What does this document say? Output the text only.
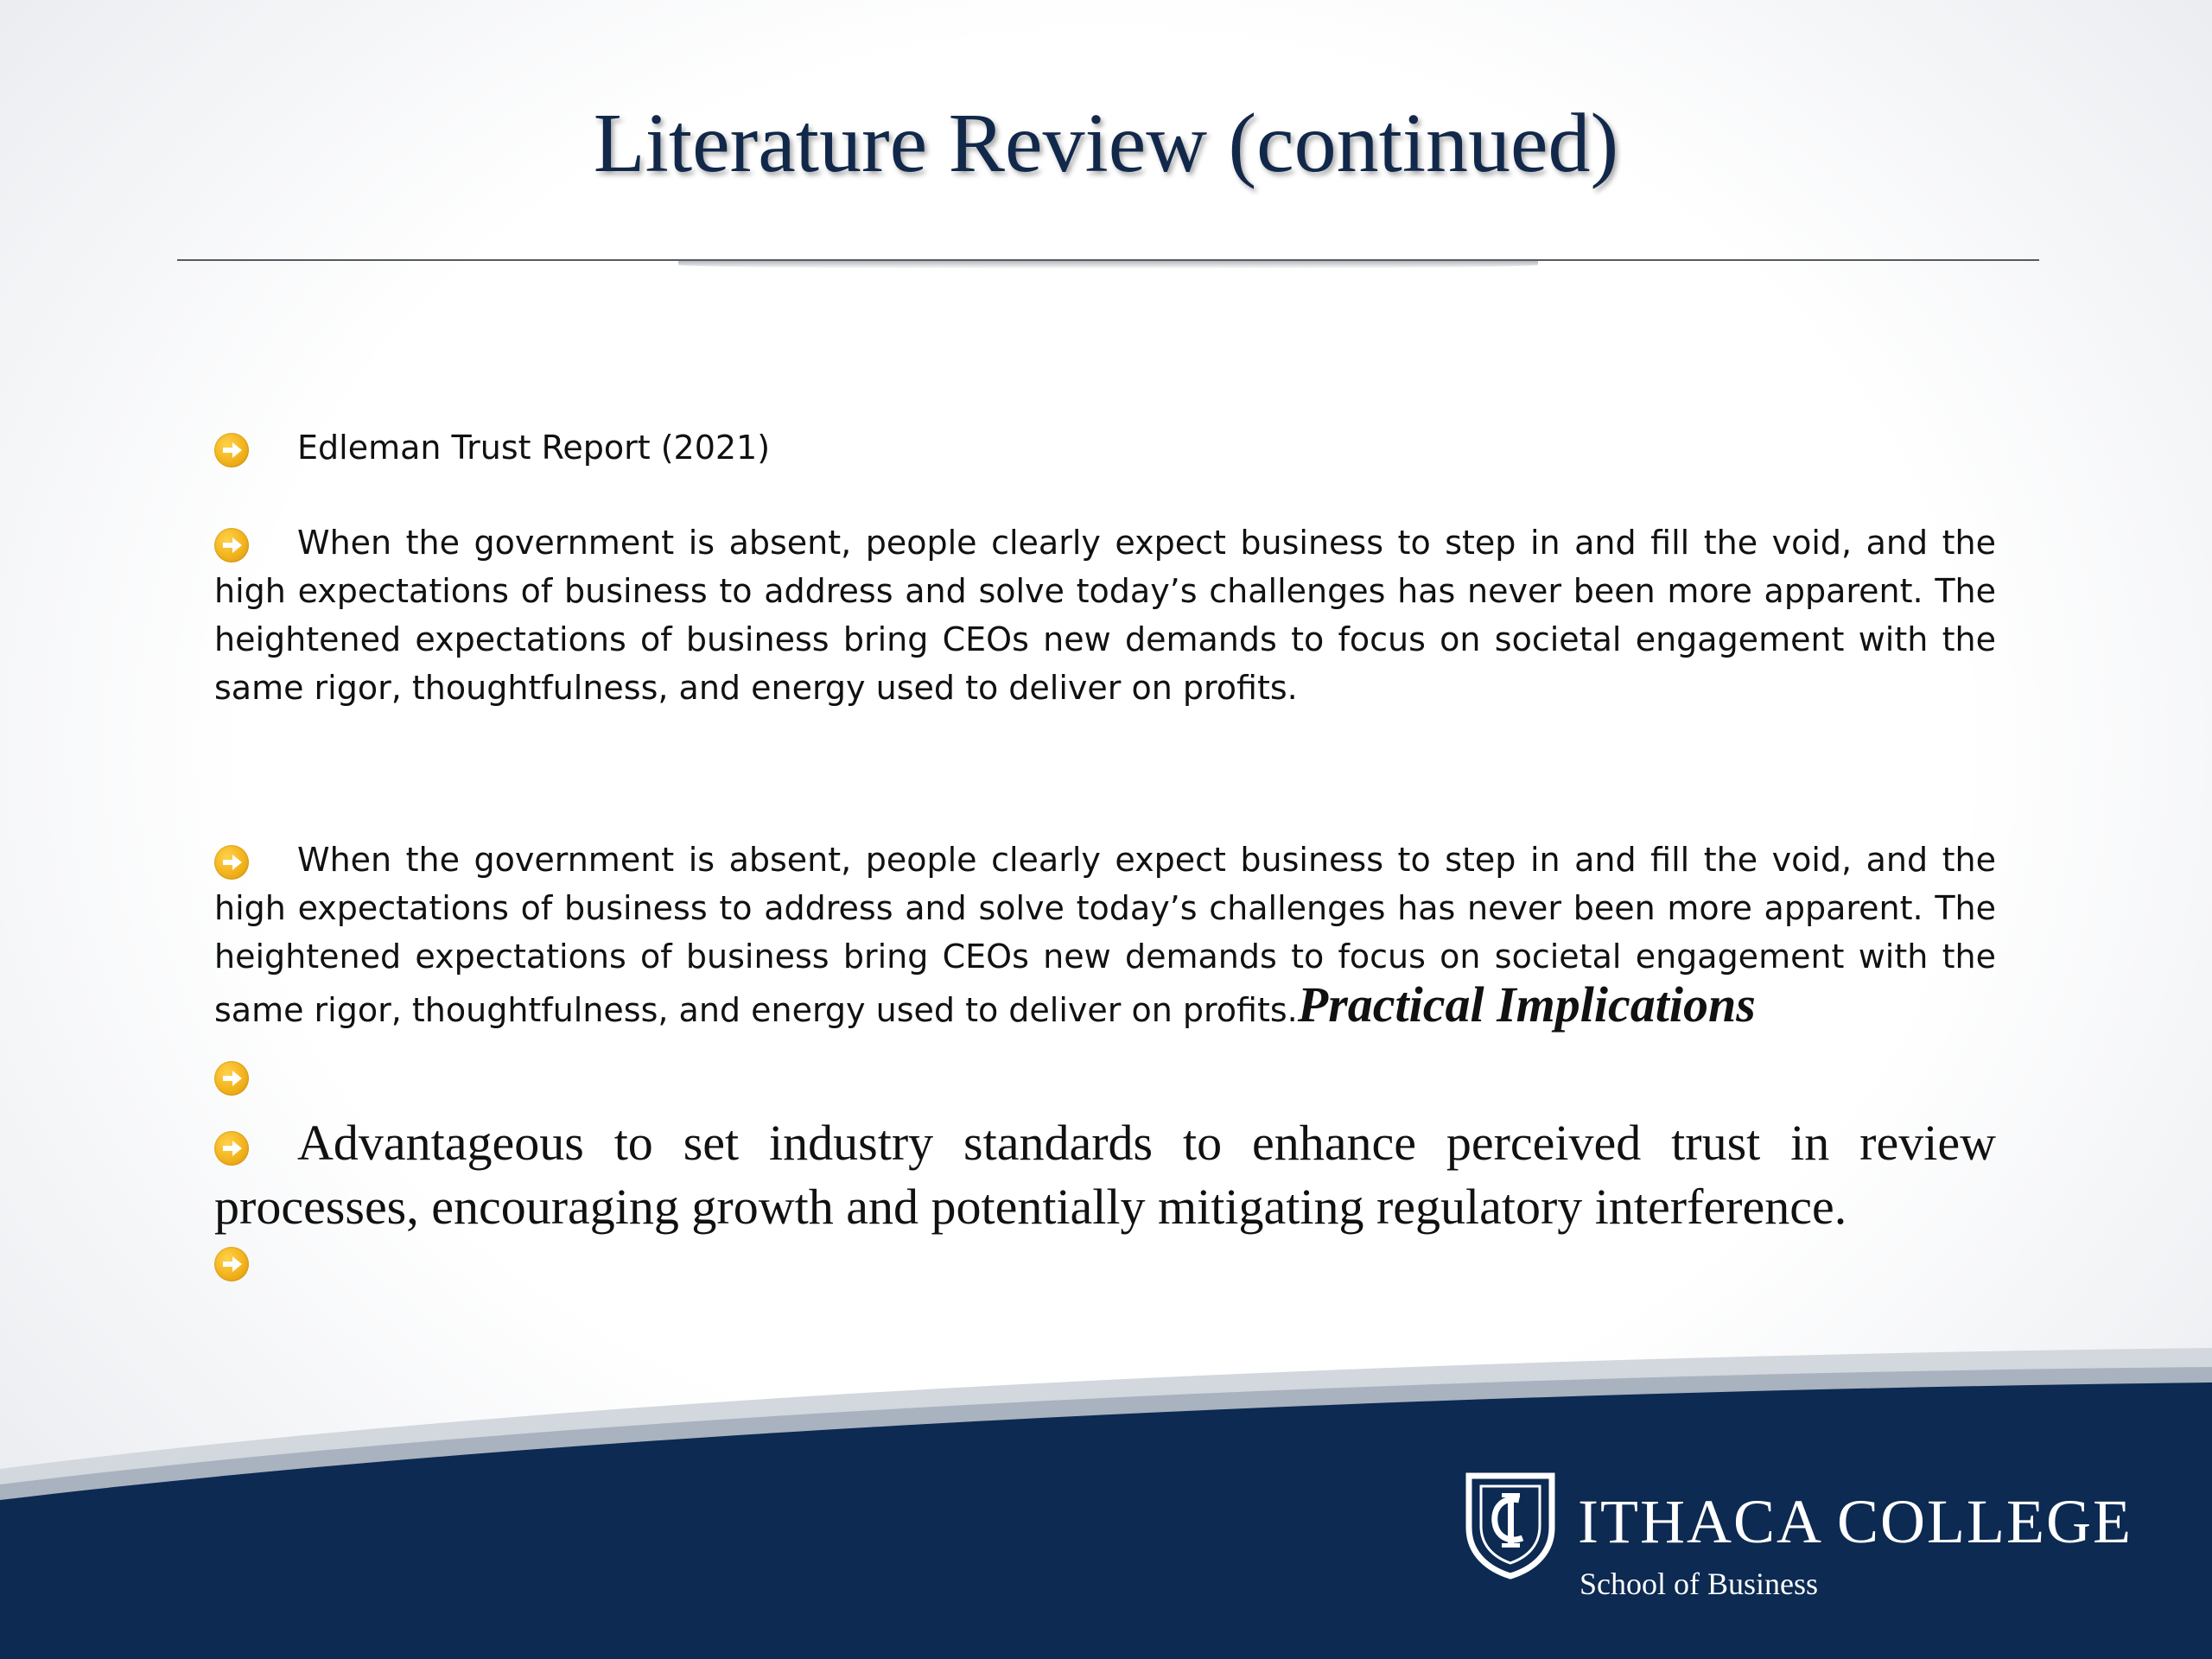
Literature Review (continued)

Edleman Trust Report (2021)

When the government is absent, people clearly expect business to step in and fill the void, and the high expectations of business to address and solve today’s challenges has never been more apparent. The heightened expectations of business bring CEOs new demands to focus on societal engagement with the same rigor, thoughtfulness, and energy used to deliver on profits.

When the government is absent, people clearly expect business to step in and fill the void, and the high expectations of business to address and solve today’s challenges has never been more apparent. The heightened expectations of business bring CEOs new demands to focus on societal engagement with the same rigor, thoughtfulness, and energy used to deliver on profits.Practical Implications

Advantageous to set industry standards to enhance perceived trust in review processes, encouraging growth and potentially mitigating regulatory interference.

ITHACA COLLEGE
School of Business
